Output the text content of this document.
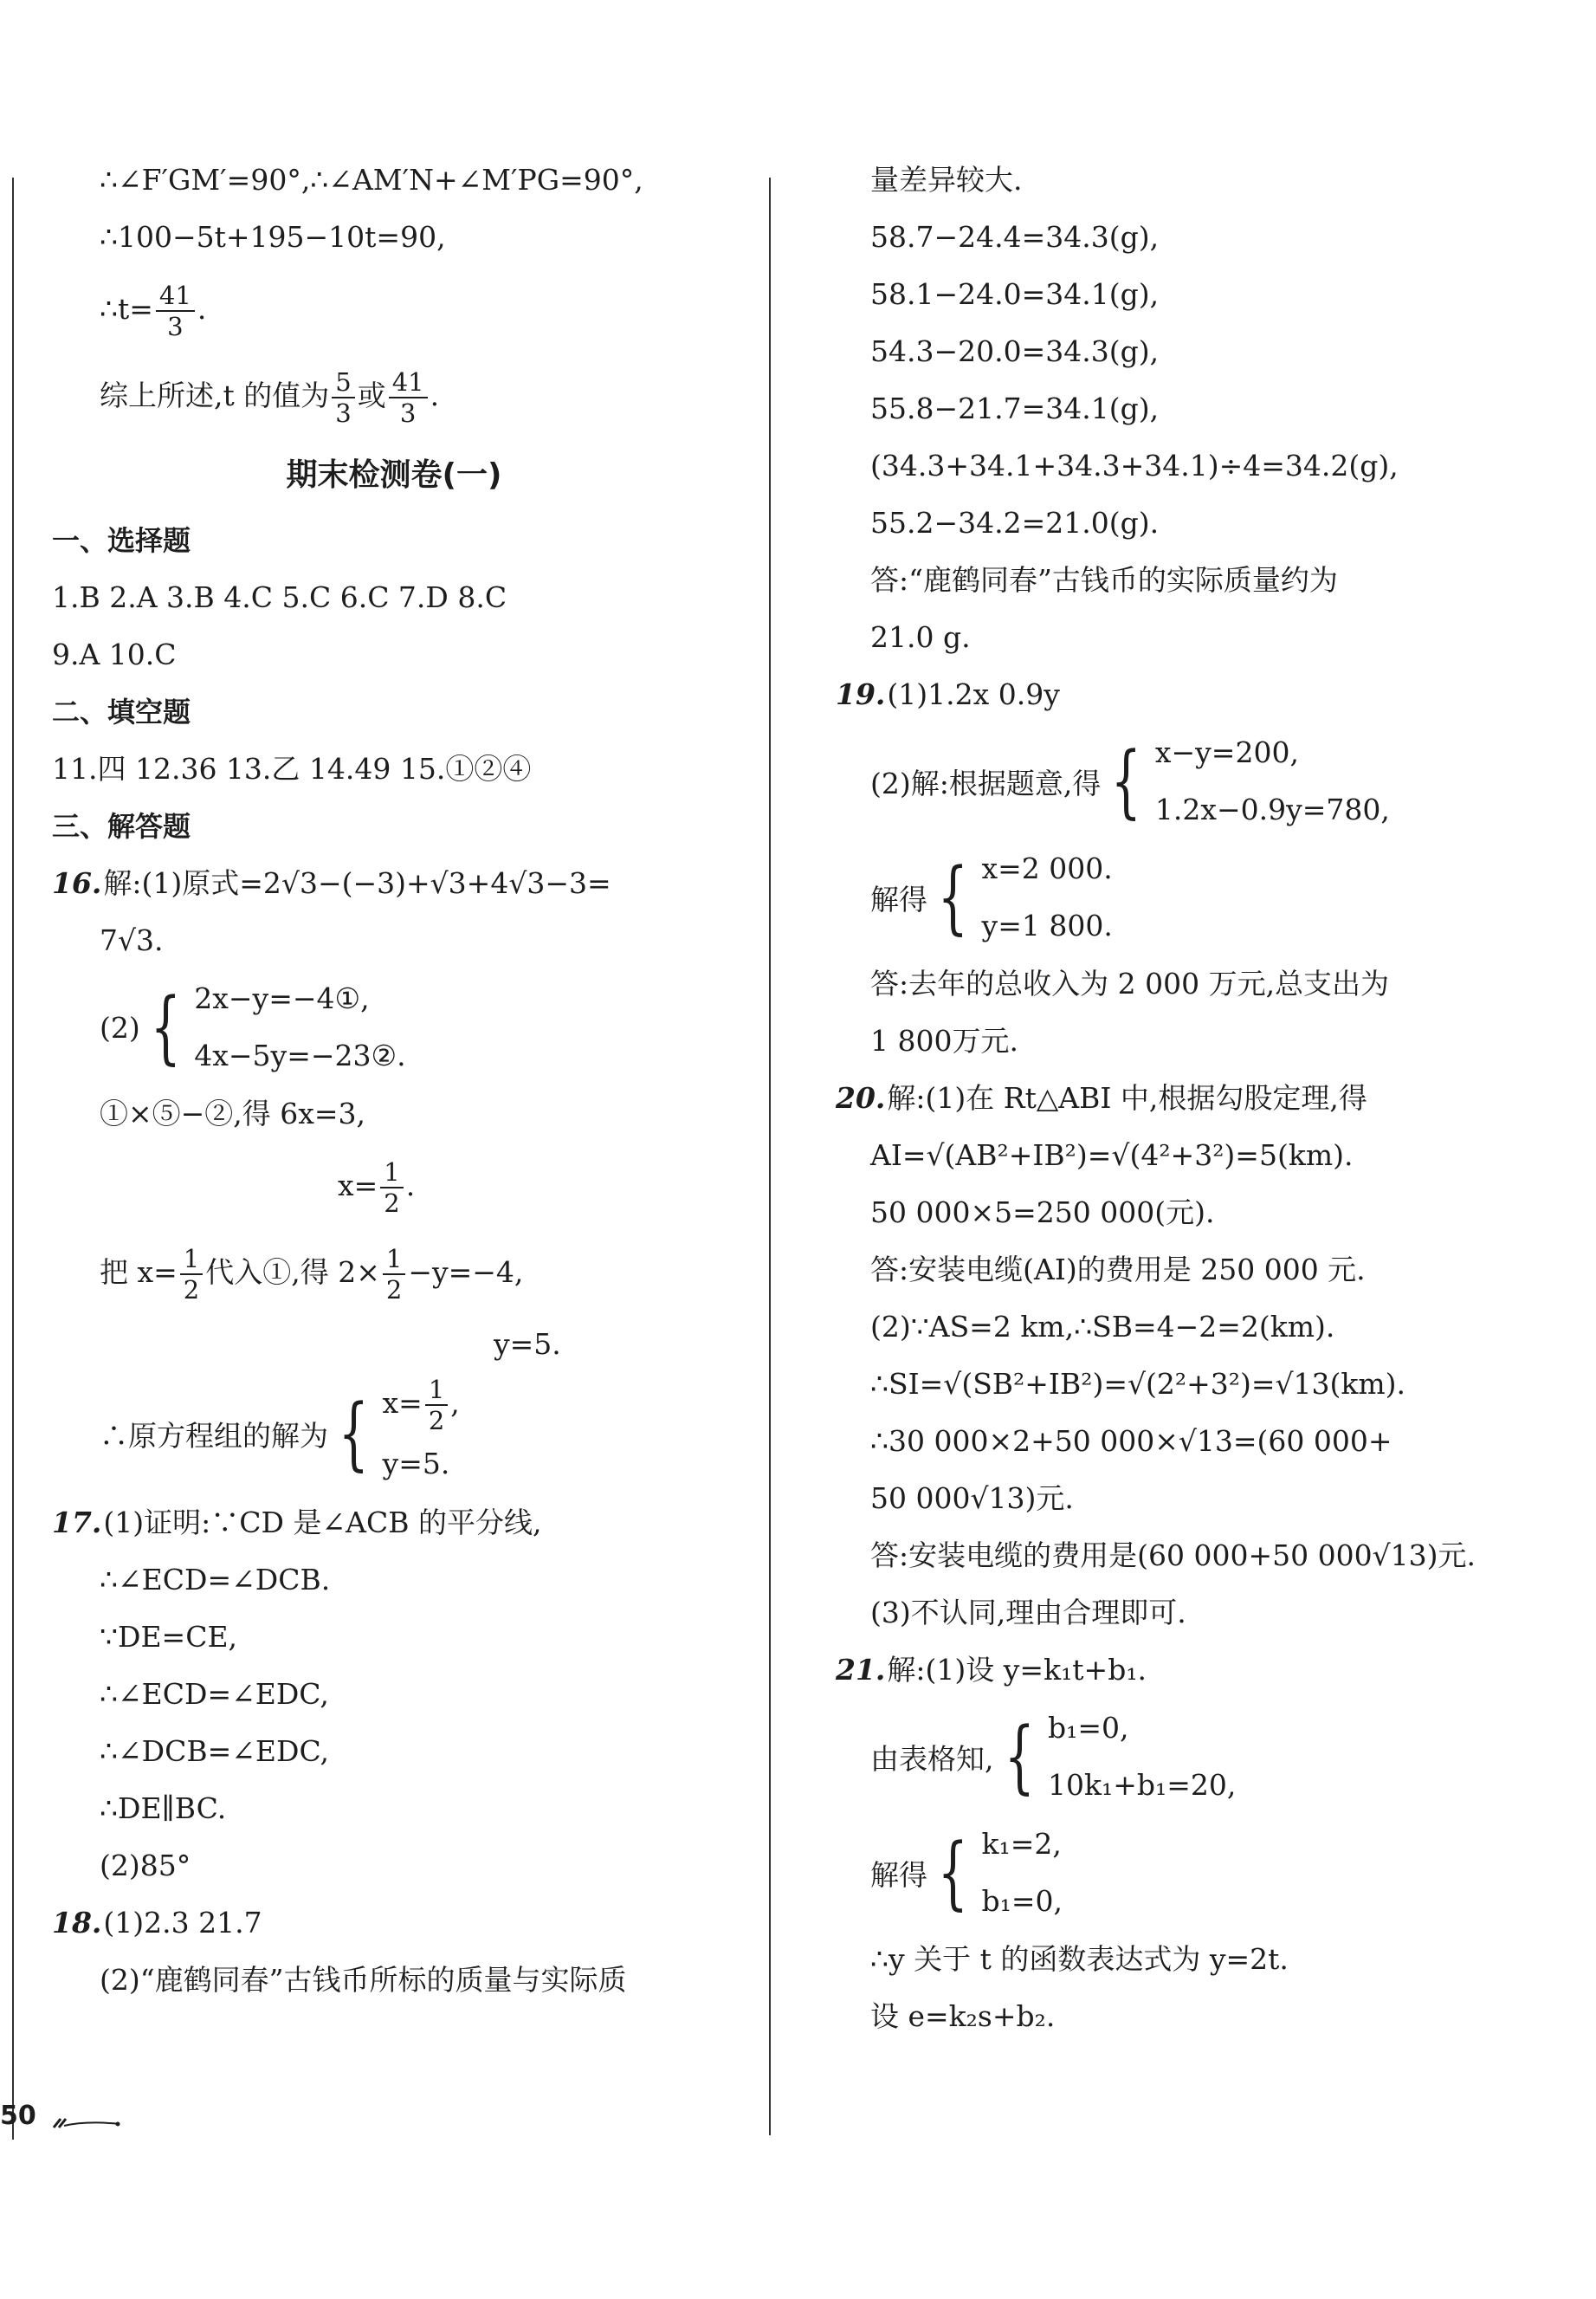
∴∠F′GM′=90°,∴∠AM′N+∠M′PG=90°,
∴100−5t+195−10t=90,
∴t= $\frac{41}{3}$ .
综上所述,t 的值为 $\frac{5}{3}$ 或 $\frac{41}{3}$ .
期末检测卷(一)
一、选择题
1.B 2.A 3.B 4.C 5.C 6.C 7.D 8.C
9.A 10.C
二、填空题
11.四 12.36 13.乙 14.49 15.①②④
三、解答题
16.解:(1)原式=2√3−(−3)+√3+4√3−3=
7√3.
(2) { 2x−y=−4①,
4x−5y=−23②.
①×⑤−②,得 6x=3,
$x= \frac{1}{2}$ .
把 $x= \frac{1}{2}$ 代入①,得 $2\times \frac{1}{2} -y=-4$,
y=5.
∴原方程组的解为 { $x= \frac{1}{2}$ ,
y=5.
17.(1)证明:∵CD 是∠ACB 的平分线,
∴∠ECD=∠DCB.
∵DE=CE,
∴∠ECD=∠EDC,
∴∠DCB=∠EDC,
∴DE∥BC.
(2)85°
18.(1)2.3 21.7
(2)“鹿鹤同春”古钱币所标的质量与实际质
量差异较大.
58.7−24.4=34.3(g),
58.1−24.0=34.1(g),
54.3−20.0=34.3(g),
55.8−21.7=34.1(g),
(34.3+34.1+34.3+34.1)÷4=34.2(g),
55.2−34.2=21.0(g).
答:“鹿鹤同春”古钱币的实际质量约为
21.0 g.
19.(1)1.2x 0.9y
(2)解:根据题意,得 { x−y=200,
1.2x−0.9y=780,
解得 { x=2 000.
y=1 800.
答:去年的总收入为 2 000 万元,总支出为
1 800万元.
20.解:(1)在 Rt△ABI 中,根据勾股定理,得
AI=√(AB²+IB²)=√(4²+3²)=5(km).
50 000×5=250 000(元).
答:安装电缆(AI)的费用是 250 000 元.
(2)∵AS=2 km,∴SB=4−2=2(km).
∴SI=√(SB²+IB²)=√(2²+3²)=√13(km).
∴30 000×2+50 000×√13=(60 000+
50 000√13)元.
答:安装电缆的费用是(60 000+50 000√13)元.
(3)不认同,理由合理即可.
21.解:(1)设 y=k₁t+b₁.
由表格知, { b₁=0,
10k₁+b₁=20,
解得 { k₁=2,
b₁=0,
∴y 关于 t 的函数表达式为 y=2t.
设 e=k₂s+b₂.
50
